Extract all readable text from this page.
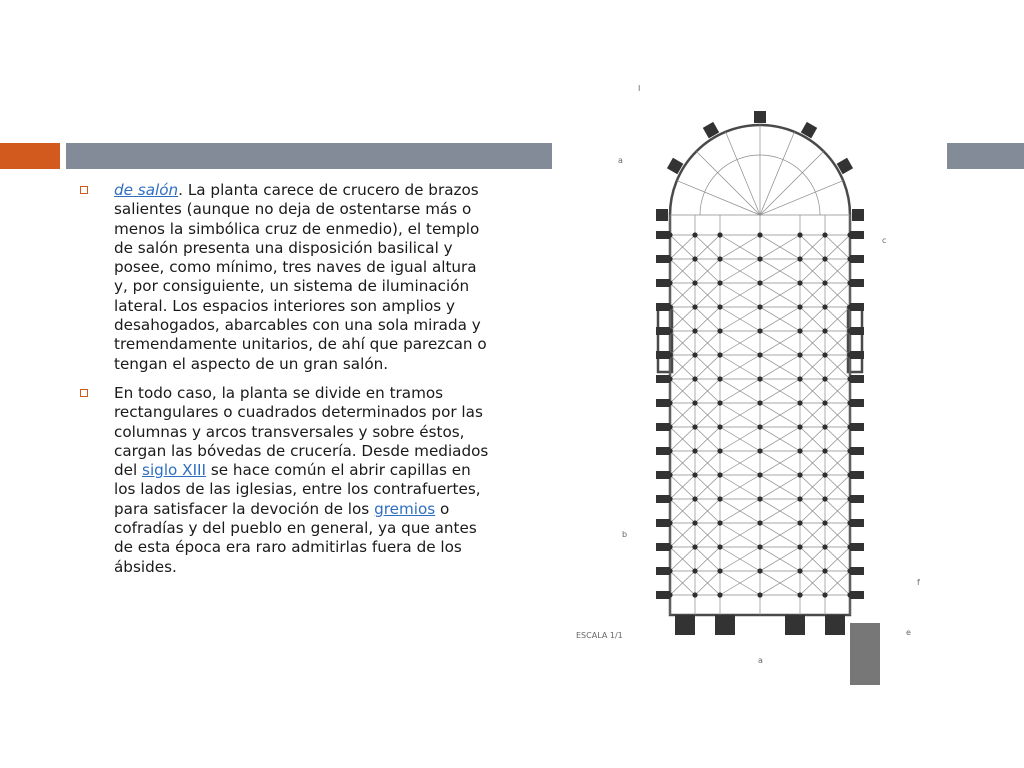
de salón. La planta carece de crucero de brazos salientes (aunque no deja de ostentarse más o menos la simbólica cruz de enmedio), el templo de salón presenta una disposición basilical y posee, como mínimo, tres naves de igual altura y, por consiguiente, un sistema de iluminación lateral. Los espacios interiores son amplios y desahogados, abarcables con una sola mirada y tremendamente unitarios, de ahí que parezcan o tengan el aspecto de un gran salón.
En todo caso, la planta se divide en tramos rectangulares o cuadrados determinados por las columnas y arcos transversales y sobre éstos, cargan las bóvedas de crucería. Desde mediados del siglo XIII se hace común el abrir capillas en los lados de las iglesias, entre los contrafuertes, para satisfacer la devoción de los gremios o cofradías y del pueblo en general, ya que antes de esta época era raro admitirlas fuera de los ábsides.
I
a
c
b
f
ESCALA 1/1	e
a
